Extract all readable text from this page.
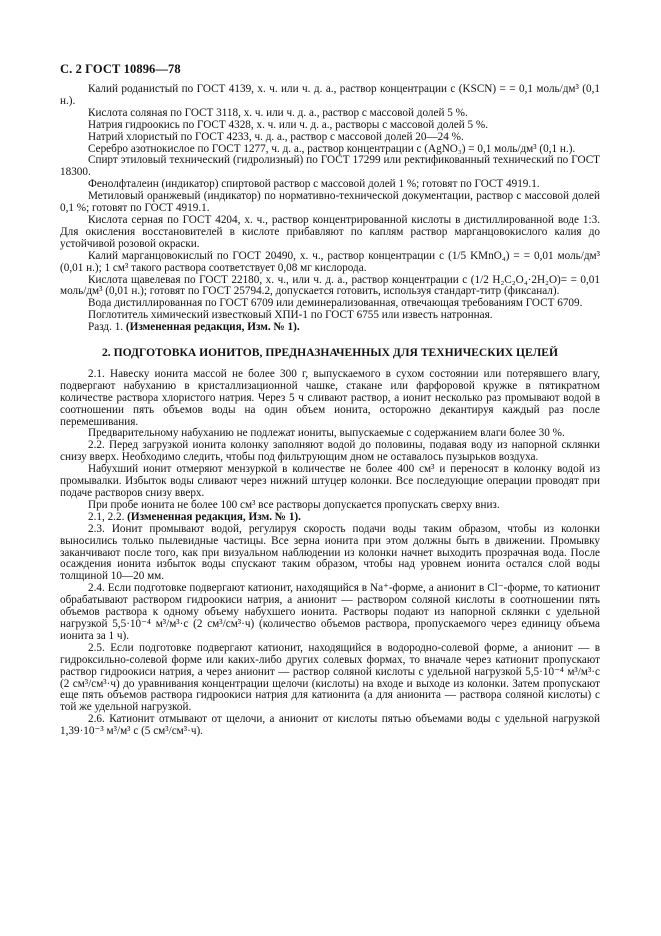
С. 2 ГОСТ 10896—78

Калий роданистый по ГОСТ 4139, х. ч. или ч. д. а., раствор концентрации c (KSCN) = = 0,1 моль/дм³ (0,1 н.).

Кислота соляная по ГОСТ 3118, х. ч. или ч. д. а., раствор с массовой долей 5 %.

Натрия гидроокись по ГОСТ 4328, х. ч. или ч. д. а., растворы с массовой долей 5 %.

Натрий хлористый по ГОСТ 4233, ч. д. а., раствор с массовой долей 20—24 %.

Серебро азотнокислое по ГОСТ 1277, ч. д. а., раствор концентрации c (AgNO₃) = 0,1 моль/дм³ (0,1 н.).

Спирт этиловый технический (гидролизный) по ГОСТ 17299 или ректификованный технический по ГОСТ 18300.

Фенолфталеин (индикатор) спиртовой раствор с массовой долей 1 %; готовят по ГОСТ 4919.1.

Метиловый оранжевый (индикатор) по нормативно-технической документации, раствор с массовой долей 0,1 %; готовят по ГОСТ 4919.1.

Кислота серная по ГОСТ 4204, х. ч., раствор концентрированной кислоты в дистиллированной воде 1:3. Для окисления восстановителей в кислоте прибавляют по каплям раствор марганцовокислого калия до устойчивой розовой окраски.

Калий марганцовокислый по ГОСТ 20490, х. ч., раствор концентрации c (1/5 KMnO₄) = = 0,01 моль/дм³ (0,01 н.); 1 см³ такого раствора соответствует 0,08 мг кислорода.

Кислота щавелевая по ГОСТ 22180, х. ч., или ч. д. а., раствор концентрации c (1/2 H₂C₂O₄·2H₂O)= = 0,01 моль/дм³ (0,01 н.); готовят по ГОСТ 25794.2, допускается готовить, используя стандарт-титр (фиксанал).

Вода дистиллированная по ГОСТ 6709 или деминерализованная, отвечающая требованиям ГОСТ 6709.

Поглотитель химический известковый ХПИ-1 по ГОСТ 6755 или известь натронная.

Разд. 1. (Измененная редакция, Изм. № 1).

2. ПОДГОТОВКА ИОНИТОВ, ПРЕДНАЗНАЧЕННЫХ ДЛЯ ТЕХНИЧЕСКИХ ЦЕЛЕЙ

2.1. Навеску ионита массой не более 300 г, выпускаемого в сухом состоянии или потерявшего влагу, подвергают набуханию в кристаллизационной чашке, стакане или фарфоровой кружке в пятикратном количестве раствора хлористого натрия. Через 5 ч сливают раствор, а ионит несколько раз промывают водой в соотношении пять объемов воды на один объем ионита, осторожно декантируя каждый раз после перемешивания.

Предварительному набуханию не подлежат иониты, выпускаемые с содержанием влаги более 30 %.

2.2. Перед загрузкой ионита колонку заполняют водой до половины, подавая воду из напорной склянки снизу вверх. Необходимо следить, чтобы под фильтрующим дном не оставалось пузырьков воздуха.

Набухший ионит отмеряют мензуркой в количестве не более 400 см³ и переносят в колонку водой из промывалки. Избыток воды сливают через нижний штуцер колонки. Все последующие операции проводят при подаче растворов снизу вверх.

При пробе ионита не более 100 см³ все растворы допускается пропускать сверху вниз.

2.1, 2.2. (Измененная редакция, Изм. № 1).

2.3. Ионит промывают водой, регулируя скорость подачи воды таким образом, чтобы из колонки выносились только пылевидные частицы. Все зерна ионита при этом должны быть в движении. Промывку заканчивают после того, как при визуальном наблюдении из колонки начнет выходить прозрачная вода. После осаждения ионита избыток воды спускают таким образом, чтобы над уровнем ионита остался слой воды толщиной 10—20 мм.

2.4. Если подготовке подвергают катионит, находящийся в Na⁺-форме, а анионит в Cl⁻-форме, то катионит обрабатывают раствором гидроокиси натрия, а анионит — раствором соляной кислоты в соотношении пять объемов раствора к одному объему набухшего ионита. Растворы подают из напорной склянки с удельной нагрузкой 5,5·10⁻⁴ м³/м³·с (2 см³/см³·ч) (количество объемов раствора, пропускаемого через единицу объема ионита за 1 ч).

2.5. Если подготовке подвергают катионит, находящийся в водородно-солевой форме, а анионит — в гидроксильно-солевой форме или каких-либо других солевых формах, то вначале через катионит пропускают раствор гидроокиси натрия, а через анионит — раствор соляной кислоты с удельной нагрузкой 5,5·10⁻⁴ м³/м³·с (2 см³/см³·ч) до уравнивания концентрации щелочи (кислоты) на входе и выходе из колонки. Затем пропускают еще пять объемов раствора гидроокиси натрия для катионита (а для анионита — раствора соляной кислоты) с той же удельной нагрузкой.

2.6. Катионит отмывают от щелочи, а анионит от кислоты пятью объемами воды с удельной нагрузкой 1,39·10⁻³ м³/м³ с (5 см³/см³·ч).
